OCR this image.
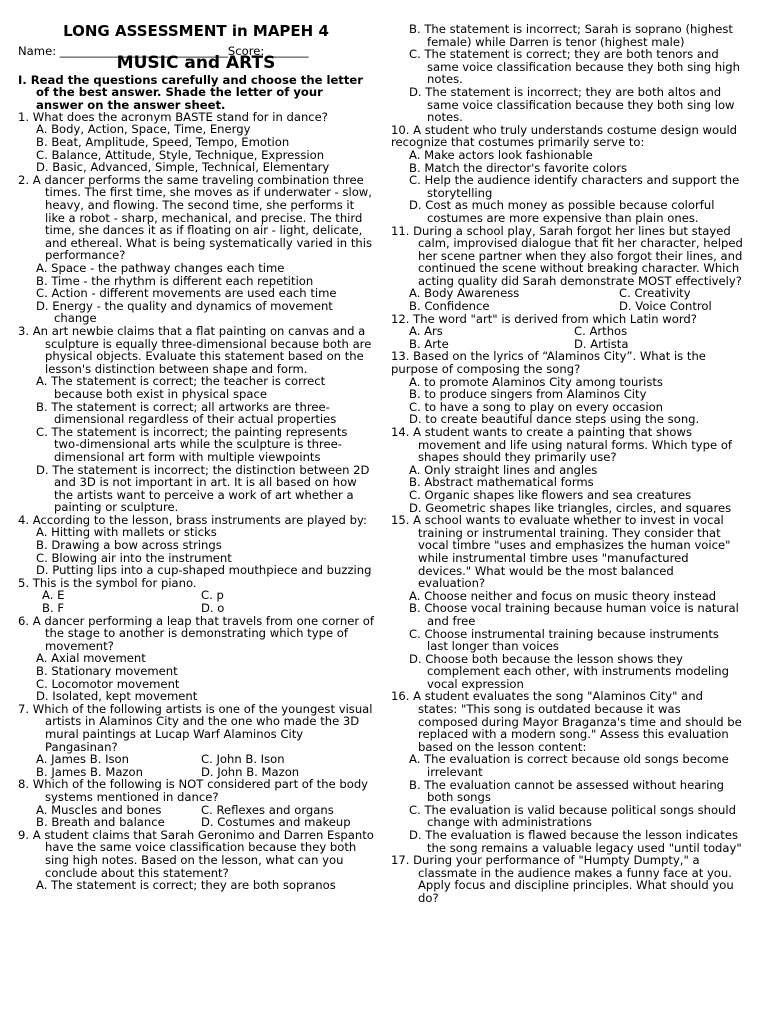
LONG ASSESSMENT in MAPEH 4
Name: _____________________________Score: _______
MUSIC and ARTS
I. Read the questions carefully and choose the letter of the best answer. Shade the letter of your answer on the answer sheet.
1. What does the acronym BASTE stand for in dance?
A. Body, Action, Space, Time, Energy
B. Beat, Amplitude, Speed, Tempo, Emotion
C. Balance, Attitude, Style, Technique, Expression
D. Basic, Advanced, Simple, Technical, Elementary
2. A dancer performs the same traveling combination three times. The first time, she moves as if underwater - slow, heavy, and flowing. The second time, she performs it like a robot - sharp, mechanical, and precise. The third time, she dances it as if floating on air - light, delicate, and ethereal. What is being systematically varied in this performance?
A. Space - the pathway changes each time
B. Time - the rhythm is different each repetition
C. Action - different movements are used each time
D. Energy - the quality and dynamics of movement change
3. An art newbie claims that a flat painting on canvas and a sculpture is equally three-dimensional because both are physical objects. Evaluate this statement based on the lesson's distinction between shape and form.
A. The statement is correct; the teacher is correct because both exist in physical space
B. The statement is correct; all artworks are three-dimensional regardless of their actual properties
C. The statement is incorrect; the painting represents two-dimensional arts while the sculpture is three-dimensional art form with multiple viewpoints
D. The statement is incorrect; the distinction between 2D and 3D is not important in art. It is all based on how the artists want to perceive a work of art whether a painting or sculpture.
4. According to the lesson, brass instruments are played by:
A. Hitting with mallets or sticks
B. Drawing a bow across strings
C. Blowing air into the instrument
D. Putting lips into a cup-shaped mouthpiece and buzzing
5. This is the symbol for piano.
A. E	C. p
B. F	D. o
6. A dancer performing a leap that travels from one corner of the stage to another is demonstrating which type of movement?
A. Axial movement
B. Stationary movement
C. Locomotor movement
D. Isolated, kept movement
7. Which of the following artists is one of the youngest visual artists in Alaminos City and the one who made the 3D mural paintings at Lucap Warf Alaminos City Pangasinan?
A. James B. Ison	C. John B. Ison
B. James B. Mazon	D. John B. Mazon
8. Which of the following is NOT considered part of the body systems mentioned in dance?
A. Muscles and bones	C. Reflexes and organs
B. Breath and balance	D. Costumes and makeup
9. A student claims that Sarah Geronimo and Darren Espanto have the same voice classification because they both sing high notes. Based on the lesson, what can you conclude about this statement?
A. The statement is correct; they are both sopranos
B. The statement is incorrect; Sarah is soprano (highest female) while Darren is tenor (highest male)
C. The statement is correct; they are both tenors and same voice classification because they both sing high notes.
D. The statement is incorrect; they are both altos and same voice classification because they both sing low notes.
10. A student who truly understands costume design would recognize that costumes primarily serve to:
A. Make actors look fashionable
B. Match the director's favorite colors
C. Help the audience identify characters and support the storytelling
D. Cost as much money as possible because colorful costumes are more expensive than plain ones.
11. During a school play, Sarah forgot her lines but stayed calm, improvised dialogue that fit her character, helped her scene partner when they also forgot their lines, and continued the scene without breaking character. Which acting quality did Sarah demonstrate MOST effectively?
A. Body Awareness	C. Creativity
B. Confidence	D. Voice Control
12. The word "art" is derived from which Latin word?
A. Ars	C. Arthos
B. Arte	D. Artista
13. Based on the lyrics of “Alaminos City”. What is the purpose of composing the song?
A. to promote Alaminos City among tourists
B. to produce singers from Alaminos City
C. to have a song to play on every occasion
D. to create beautiful dance steps using the song.
14. A student wants to create a painting that shows movement and life using natural forms. Which type of shapes should they primarily use?
A. Only straight lines and angles
B. Abstract mathematical forms
C. Organic shapes like flowers and sea creatures
D. Geometric shapes like triangles, circles, and squares
15. A school wants to evaluate whether to invest in vocal training or instrumental training. They consider that vocal timbre "uses and emphasizes the human voice" while instrumental timbre uses "manufactured devices." What would be the most balanced evaluation?
A. Choose neither and focus on music theory instead
B. Choose vocal training because human voice is natural and free
C. Choose instrumental training because instruments last longer than voices
D. Choose both because the lesson shows they complement each other, with instruments modeling vocal expression
16. A student evaluates the song "Alaminos City" and states: "This song is outdated because it was composed during Mayor Braganza's time and should be replaced with a modern song." Assess this evaluation based on the lesson content:
A. The evaluation is correct because old songs become irrelevant
B. The evaluation cannot be assessed without hearing both songs
C. The evaluation is valid because political songs should change with administrations
D. The evaluation is flawed because the lesson indicates the song remains a valuable legacy used "until today"
17. During your performance of "Humpty Dumpty," a classmate in the audience makes a funny face at you. Apply focus and discipline principles. What should you do?
